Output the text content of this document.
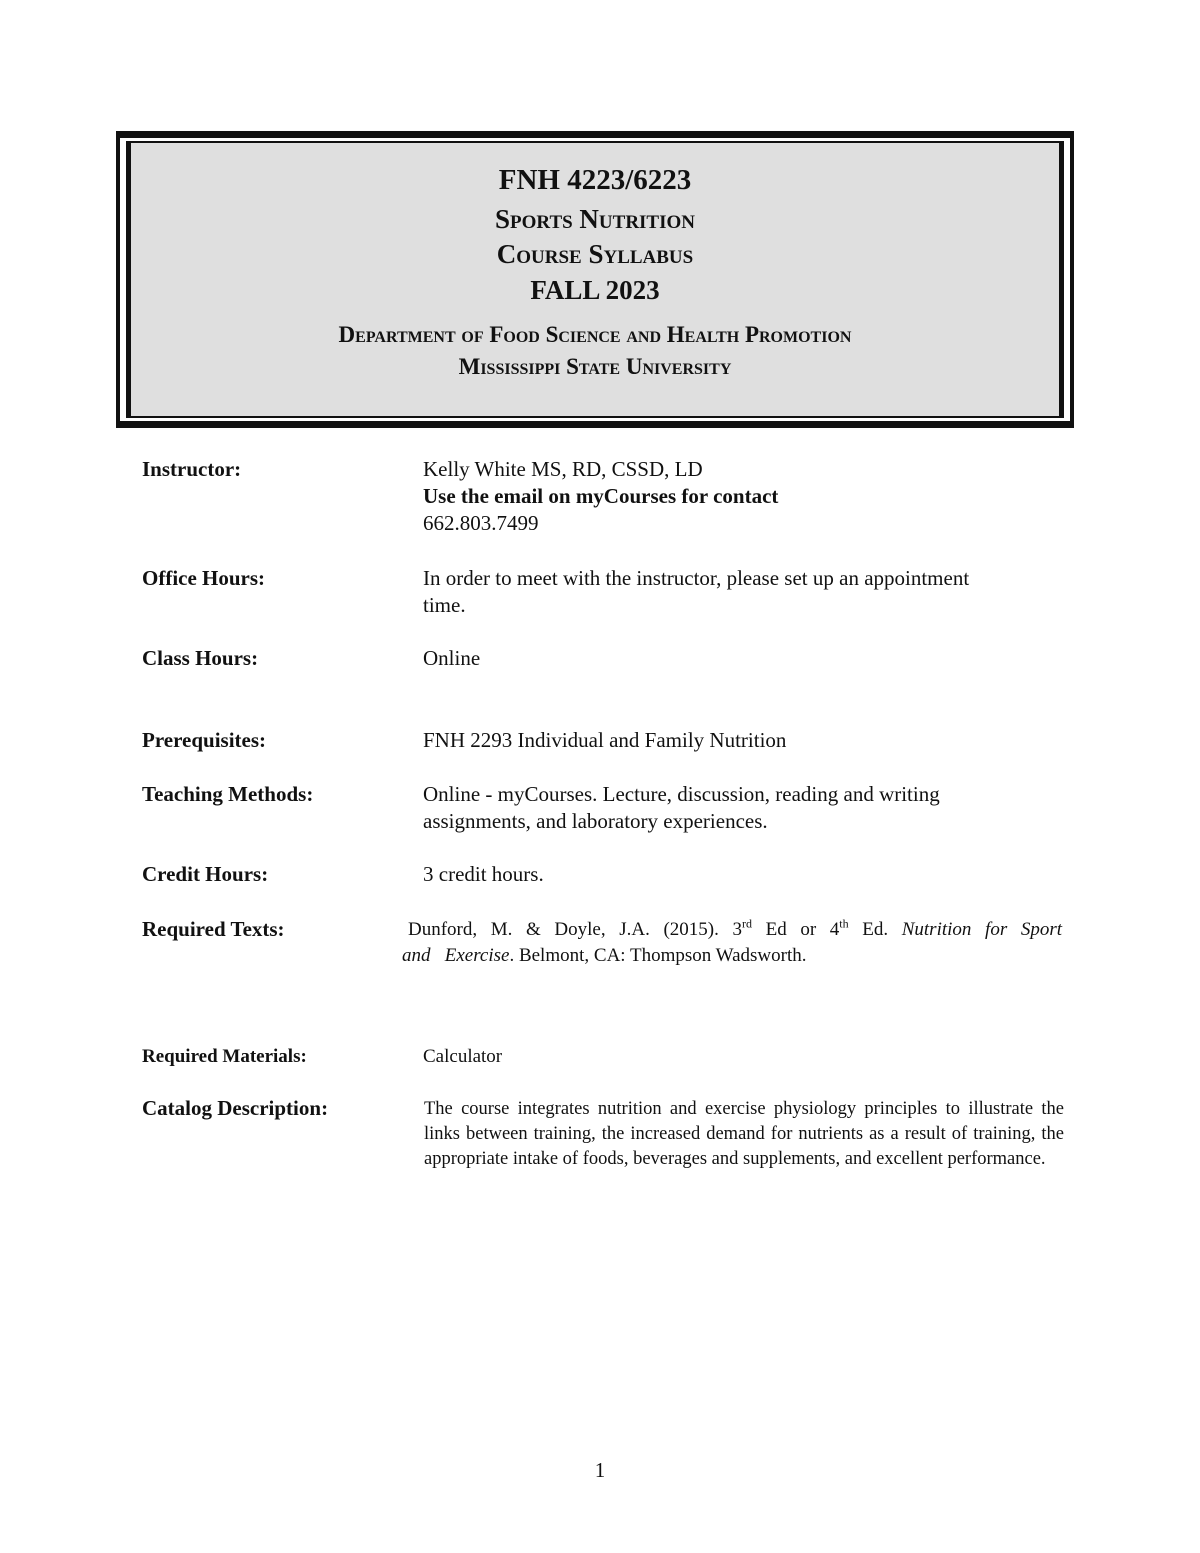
FNH 4223/6223
Sports Nutrition
Course Syllabus
FALL 2023
Department of Food Science and Health Promotion
Mississippi State University
Instructor:	Kelly White MS, RD, CSSD, LD
Use the email on myCourses for contact
662.803.7499
Office Hours:	In order to meet with the instructor, please set up an appointment
time.
Class Hours:	Online
Prerequisites:	FNH 2293 Individual and Family Nutrition
Teaching Methods:	Online - myCourses. Lecture, discussion, reading and writing
assignments, and laboratory experiences.
Credit Hours:	3 credit hours.
Required Texts:	Dunford, M. & Doyle, J.A. (2015). 3rd Ed or 4th Ed. Nutrition for Sport
and   Exercise. Belmont, CA: Thompson Wadsworth.
Required Materials:	Calculator
Catalog Description:	The course integrates nutrition and exercise physiology principles to illustrate the links between training, the increased demand for nutrients as a result of training, the appropriate intake of foods, beverages and supplements, and excellent performance.
1
